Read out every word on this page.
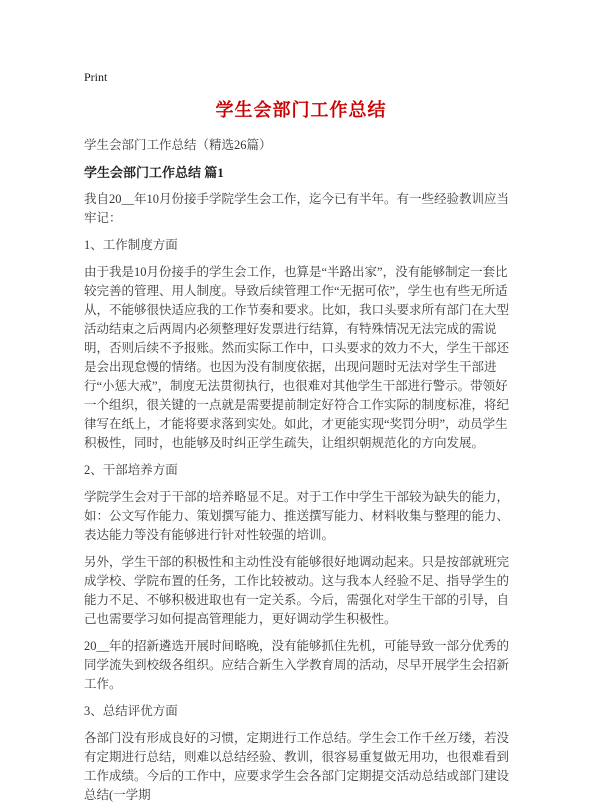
Print
学生会部门工作总结

学生会部门工作总结（精选26篇）

学生会部门工作总结 篇1

我自20__年10月份接手学院学生会工作，迄今已有半年。有一些经验教训应当牢记：

1、工作制度方面

由于我是10月份接手的学生会工作，也算是“半路出家”，没有能够制定一套比较完善的管理、用人制度。导致后续管理工作“无据可依”，学生也有些无所适从，不能够很快适应我的工作节奏和要求。比如，我口头要求所有部门在大型活动结束之后两周内必须整理好发票进行结算，有特殊情况无法完成的需说明，否则后续不予报账。然而实际工作中，口头要求的效力不大，学生干部还是会出现怠慢的情绪。也因为没有制度依据，出现问题时无法对学生干部进行“小惩大戒”，制度无法贯彻执行，也很难对其他学生干部进行警示。带领好一个组织，很关键的一点就是需要提前制定好符合工作实际的制度标准，将纪律写在纸上，才能将要求落到实处。如此，才更能实现“奖罚分明”，动员学生积极性，同时，也能够及时纠正学生疏失，让组织朝规范化的方向发展。

2、干部培养方面

学院学生会对于干部的培养略显不足。对于工作中学生干部较为缺失的能力，如：公文写作能力、策划撰写能力、推送撰写能力、材料收集与整理的能力、表达能力等没有能够进行针对性较强的培训。

另外，学生干部的积极性和主动性没有能够很好地调动起来。只是按部就班完成学校、学院布置的任务，工作比较被动。这与我本人经验不足、指导学生的能力不足、不够积极进取也有一定关系。今后，需强化对学生干部的引导，自己也需要学习如何提高管理能力，更好调动学生积极性。

20__年的招新遴选开展时间略晚，没有能够抓住先机，可能导致一部分优秀的同学流失到校级各组织。应结合新生入学教育周的活动，尽早开展学生会招新工作。

3、总结评优方面

各部门没有形成良好的习惯，定期进行工作总结。学生会工作千丝万缕，若没有定期进行总结，则难以总结经验、教训，很容易重复做无用功，也很难看到工作成绩。今后的工作中，应要求学生会各部门定期提交活动总结或部门建设总结(一学期
